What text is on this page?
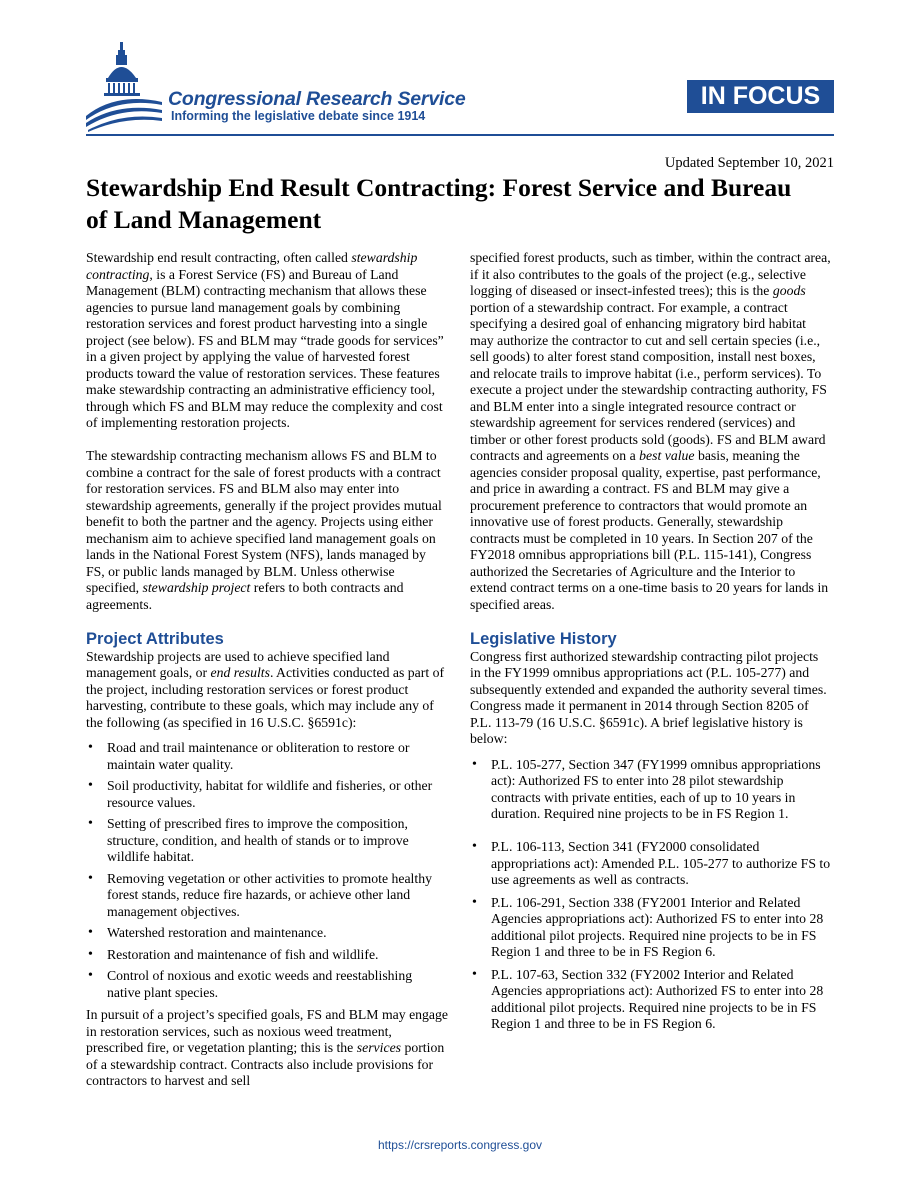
Congressional Research Service
Informing the legislative debate since 1914
IN FOCUS
Updated September 10, 2021
Stewardship End Result Contracting: Forest Service and Bureau of Land Management

Stewardship end result contracting, often called stewardship contracting, is a Forest Service (FS) and Bureau of Land Management (BLM) contracting mechanism that allows these agencies to pursue land management goals by combining restoration services and forest product harvesting into a single project (see below). FS and BLM may “trade goods for services” in a given project by applying the value of harvested forest products toward the value of restoration services. These features make stewardship contracting an administrative efficiency tool, through which FS and BLM may reduce the complexity and cost of implementing restoration projects.

The stewardship contracting mechanism allows FS and BLM to combine a contract for the sale of forest products with a contract for restoration services. FS and BLM also may enter into stewardship agreements, generally if the project provides mutual benefit to both the partner and the agency. Projects using either mechanism aim to achieve specified land management goals on lands in the National Forest System (NFS), lands managed by FS, or public lands managed by BLM. Unless otherwise specified, stewardship project refers to both contracts and agreements.

Project Attributes

Stewardship projects are used to achieve specified land management goals, or end results. Activities conducted as part of the project, including restoration services or forest product harvesting, contribute to these goals, which may include any of the following (as specified in 16 U.S.C. §6591c):

• Road and trail maintenance or obliteration to restore or maintain water quality.
• Soil productivity, habitat for wildlife and fisheries, or other resource values.
• Setting of prescribed fires to improve the composition, structure, condition, and health of stands or to improve wildlife habitat.
• Removing vegetation or other activities to promote healthy forest stands, reduce fire hazards, or achieve other land management objectives.
• Watershed restoration and maintenance.
• Restoration and maintenance of fish and wildlife.
• Control of noxious and exotic weeds and reestablishing native plant species.

In pursuit of a project’s specified goals, FS and BLM may engage in restoration services, such as noxious weed treatment, prescribed fire, or vegetation planting; this is the services portion of a stewardship contract. Contracts also include provisions for contractors to harvest and sell

specified forest products, such as timber, within the contract area, if it also contributes to the goals of the project (e.g., selective logging of diseased or insect-infested trees); this is the goods portion of a stewardship contract. For example, a contract specifying a desired goal of enhancing migratory bird habitat may authorize the contractor to cut and sell certain species (i.e., sell goods) to alter forest stand composition, install nest boxes, and relocate trails to improve habitat (i.e., perform services). To execute a project under the stewardship contracting authority, FS and BLM enter into a single integrated resource contract or stewardship agreement for services rendered (services) and timber or other forest products sold (goods). FS and BLM award contracts and agreements on a best value basis, meaning the agencies consider proposal quality, expertise, past performance, and price in awarding a contract. FS and BLM may give a procurement preference to contractors that would promote an innovative use of forest products. Generally, stewardship contracts must be completed in 10 years. In Section 207 of the FY2018 omnibus appropriations bill (P.L. 115-141), Congress authorized the Secretaries of Agriculture and the Interior to extend contract terms on a one-time basis to 20 years for lands in specified areas.

Legislative History

Congress first authorized stewardship contracting pilot projects in the FY1999 omnibus appropriations act (P.L. 105-277) and subsequently extended and expanded the authority several times. Congress made it permanent in 2014 through Section 8205 of P.L. 113-79 (16 U.S.C. §6591c). A brief legislative history is below:

• P.L. 105-277, Section 347 (FY1999 omnibus appropriations act): Authorized FS to enter into 28 pilot stewardship contracts with private entities, each of up to 10 years in duration. Required nine projects to be in FS Region 1.
• P.L. 106-113, Section 341 (FY2000 consolidated appropriations act): Amended P.L. 105-277 to authorize FS to use agreements as well as contracts.
• P.L. 106-291, Section 338 (FY2001 Interior and Related Agencies appropriations act): Authorized FS to enter into 28 additional pilot projects. Required nine projects to be in FS Region 1 and three to be in FS Region 6.
• P.L. 107-63, Section 332 (FY2002 Interior and Related Agencies appropriations act): Authorized FS to enter into 28 additional pilot projects. Required nine projects to be in FS Region 1 and three to be in FS Region 6.
https://crsreports.congress.gov
